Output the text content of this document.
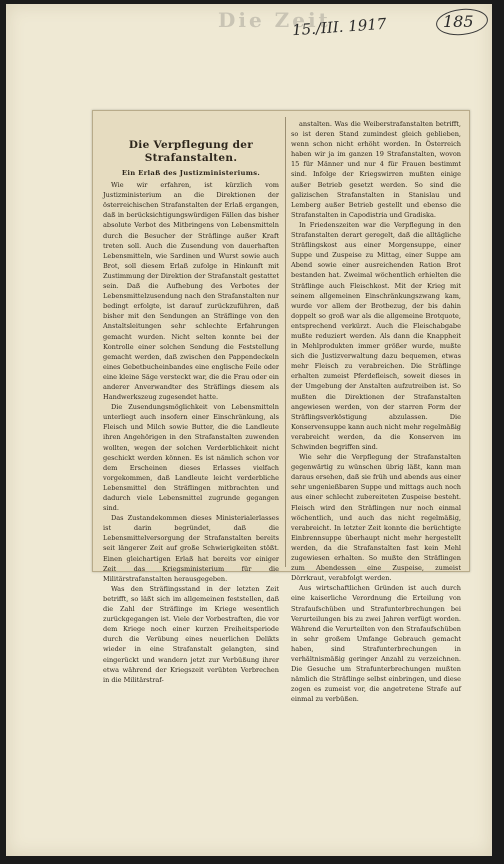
Die Zeit
15./III. 1917	185
Die Verpflegung der Strafanstalten.
Ein Erlaß des Justizministeriums.

Wie wir erfahren, ist kürzlich vom Justizministerium an die Direktionen der österreichischen Strafanstalten der Erlaß ergangen, daß in berücksichtigungswürdigen Fällen das bisher absolute Verbot des Mitbringens von Lebensmitteln durch die Besucher der Sträflinge außer Kraft treten soll. Auch die Zusendung von dauerhaften Lebensmitteln, wie Sardinen und Wurst sowie auch Brot, soll diesem Erlaß zufolge in Hinkunft mit Zustimmung der Direktion der Strafanstalt gestattet sein. Daß die Aufhebung des Verbotes der Lebensmittelzusendung nach den Strafanstalten nur bedingt erfolgte, ist darauf zurückzuführen, daß bisher mit den Sendungen an Sträflinge von den Anstaltsleitungen sehr schlechte Erfahrungen gemacht wurden. Nicht selten konnte bei der Kontrolle einer solchen Sendung die Feststellung gemacht werden, daß zwischen den Pappendeckeln eines Gebetbucheinbandes eine englische Feile oder eine kleine Säge versteckt war, die die Frau oder ein anderer Anverwandter des Sträflings diesem als Handwerkszeug zugesendet hatte.

Die Zusendungsmöglichkeit von Lebensmitteln unterliegt auch insofern einer Einschränkung, als Fleisch und Milch sowie Butter, die die Landleute ihren Angehörigen in den Strafanstalten zuwenden wollten, wegen der solchen Verderblichkeit nicht geschickt werden können. Es ist nämlich schon vor dem Erscheinen dieses Erlasses vielfach vorgekommen, daß Landleute leicht verderbliche Lebensmittel den Sträflingen mitbrachten und dadurch viele Lebensmittel zugrunde gegangen sind.

Das Zustandekommen dieses Ministerialerlasses ist darin begründet, daß die Lebensmittelversorgung der Strafanstalten bereits seit längerer Zeit auf große Schwierigkeiten stößt. Einen gleichartigen Erlaß hat bereits vor einiger Zeit das Kriegsministerium für die Militärstrafanstalten herausgegeben.

Was den Sträflingsstand in der letzten Zeit betrifft, so läßt sich im allgemeinen feststellen, daß die Zahl der Sträflinge im Kriege wesentlich zurückgegangen ist. Viele der Vorbestraften, die vor dem Kriege noch einer kurzen Freiheitsperiode durch die Verübung eines neuerlichen Delikts wieder in eine Strafanstalt gelangten, sind eingerückt und wandern jetzt zur Verbüßung ihrer etwa während der Kriegszeit verübten Verbrechen in die Militärstraf-

anstalten. Was die Weiberstrafanstalten betrifft, so ist deren Stand zumindest gleich geblieben, wenn schon nicht erhöht worden. In Österreich haben wir ja im ganzen 19 Strafanstalten, wovon 15 für Männer und nur 4 für Frauen bestimmt sind. Infolge der Kriegswirren mußten einige außer Betrieb gesetzt werden. So sind die galizischen Strafanstalten in Stanislau und Lemberg außer Betrieb gestellt und ebenso die Strafanstalten in Capodistria und Gradiska.

In Friedenszeiten war die Verpflegung in den Strafanstalten derart geregelt, daß die alltägliche Sträflingskost aus einer Morgensuppe, einer Suppe und Zuspeise zu Mittag, einer Suppe am Abend sowie einer ausreichenden Ration Brot bestanden hat. Zweimal wöchentlich erhielten die Sträflinge auch Fleischkost. Mit der Krieg mit seinem allgemeinen Einschränkungszwang kam, wurde vor allem der Brotbezug, der bis dahin doppelt so groß war als die allgemeine Brotquote, entsprechend verkürzt. Auch die Fleischabgabe mußte reduziert werden. Als dann die Knappheit in Mehlprodukten immer größer wurde, mußte sich die Justizverwaltung dazu bequemen, etwas mehr Fleisch zu verabreichen. Die Sträflinge erhalten zumeist Pferdefleisch, soweit dieses in der Umgebung der Anstalten aufzutreiben ist. So mußten die Direktionen der Strafanstalten angewiesen werden, von der starren Form der Sträflingsverköstigung abzulassen. Die Konservensuppe kann auch nicht mehr regelmäßig verabreicht werden, da die Konserven im Schwinden begriffen sind.

Wie sehr die Verpflegung der Strafanstalten gegenwärtig zu wünschen übrig läßt, kann man daraus ersehen, daß sie früh und abends aus einer sehr ungenießbaren Suppe und mittags auch noch aus einer schlecht zubereiteten Zuspeise besteht. Fleisch wird den Sträflingen nur noch einmal wöchentlich, und auch das nicht regelmäßig, verabreicht. In letzter Zeit konnte die berüchtigte Einbrennsuppe überhaupt nicht mehr hergestellt werden, da die Strafanstalten fast kein Mehl zugewiesen erhalten. So mußte den Sträflingen zum Abendessen eine Zuspeise, zumeist Dörrkraut, verabfolgt werden.

Aus wirtschaftlichen Gründen ist auch durch eine kaiserliche Verordnung die Erteilung von Strafaufschüben und Strafunterbrechungen bei Verurteilungen bis zu zwei Jahren verfügt worden. Während die Verurteilten von den Strafaufschüben in sehr großem Umfange Gebrauch gemacht haben, sind Strafunterbrechungen in verhältnismäßig geringer Anzahl zu verzeichnen. Die Gesuche um Strafunterbrechungen mußten nämlich die Sträflinge selbst einbringen, und diese zogen es zumeist vor, die angetretene Strafe auf einmal zu verbüßen.
